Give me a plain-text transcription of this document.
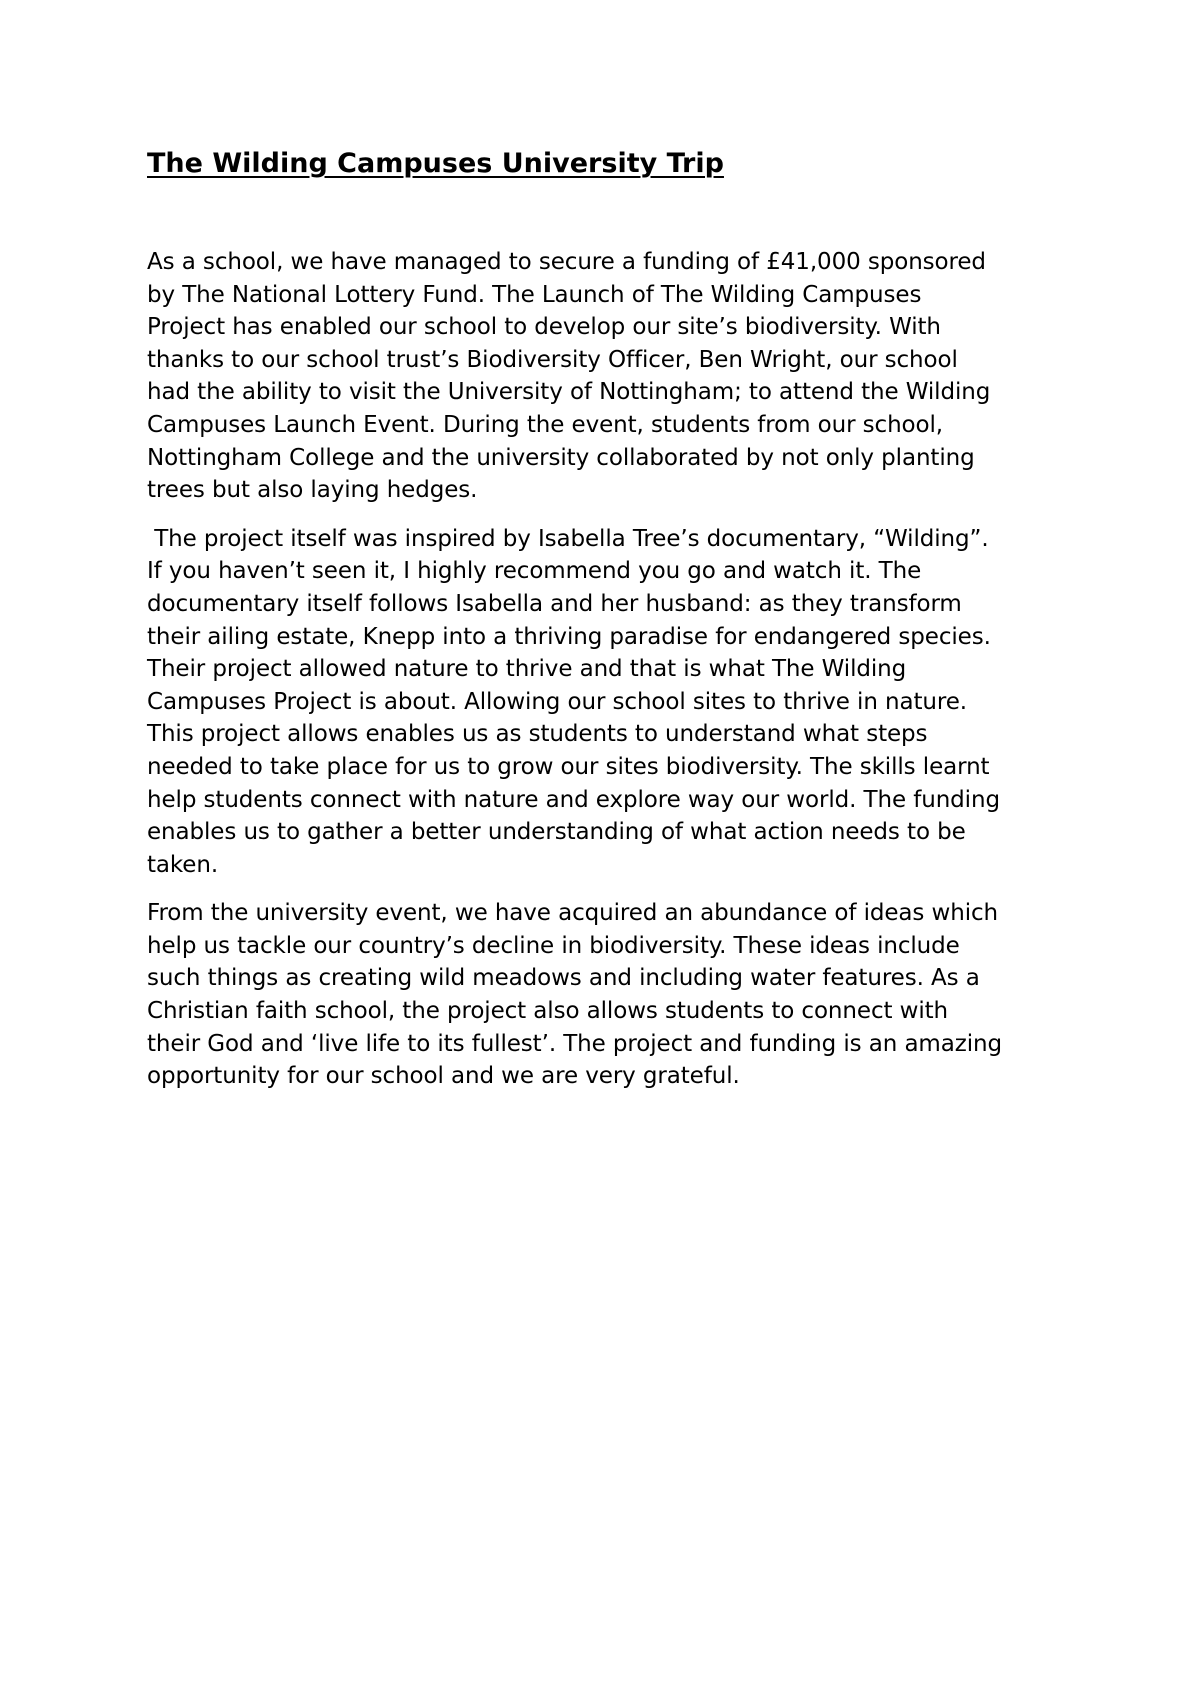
The Wilding Campuses University Trip

As a school, we have managed to secure a funding of £41,000 sponsored
by The National Lottery Fund. The Launch of The Wilding Campuses
Project has enabled our school to develop our site’s biodiversity. With
thanks to our school trust’s Biodiversity Officer, Ben Wright, our school
had the ability to visit the University of Nottingham; to attend the Wilding
Campuses Launch Event. During the event, students from our school,
Nottingham College and the university collaborated by not only planting
trees but also laying hedges.

The project itself was inspired by Isabella Tree’s documentary, “Wilding”.
If you haven’t seen it, I highly recommend you go and watch it. The
documentary itself follows Isabella and her husband: as they transform
their ailing estate, Knepp into a thriving paradise for endangered species.
Their project allowed nature to thrive and that is what The Wilding
Campuses Project is about. Allowing our school sites to thrive in nature.
This project allows enables us as students to understand what steps
needed to take place for us to grow our sites biodiversity. The skills learnt
help students connect with nature and explore way our world. The funding
enables us to gather a better understanding of what action needs to be
taken.

From the university event, we have acquired an abundance of ideas which
help us tackle our country’s decline in biodiversity. These ideas include
such things as creating wild meadows and including water features. As a
Christian faith school, the project also allows students to connect with
their God and ‘live life to its fullest’. The project and funding is an amazing
opportunity for our school and we are very grateful.
